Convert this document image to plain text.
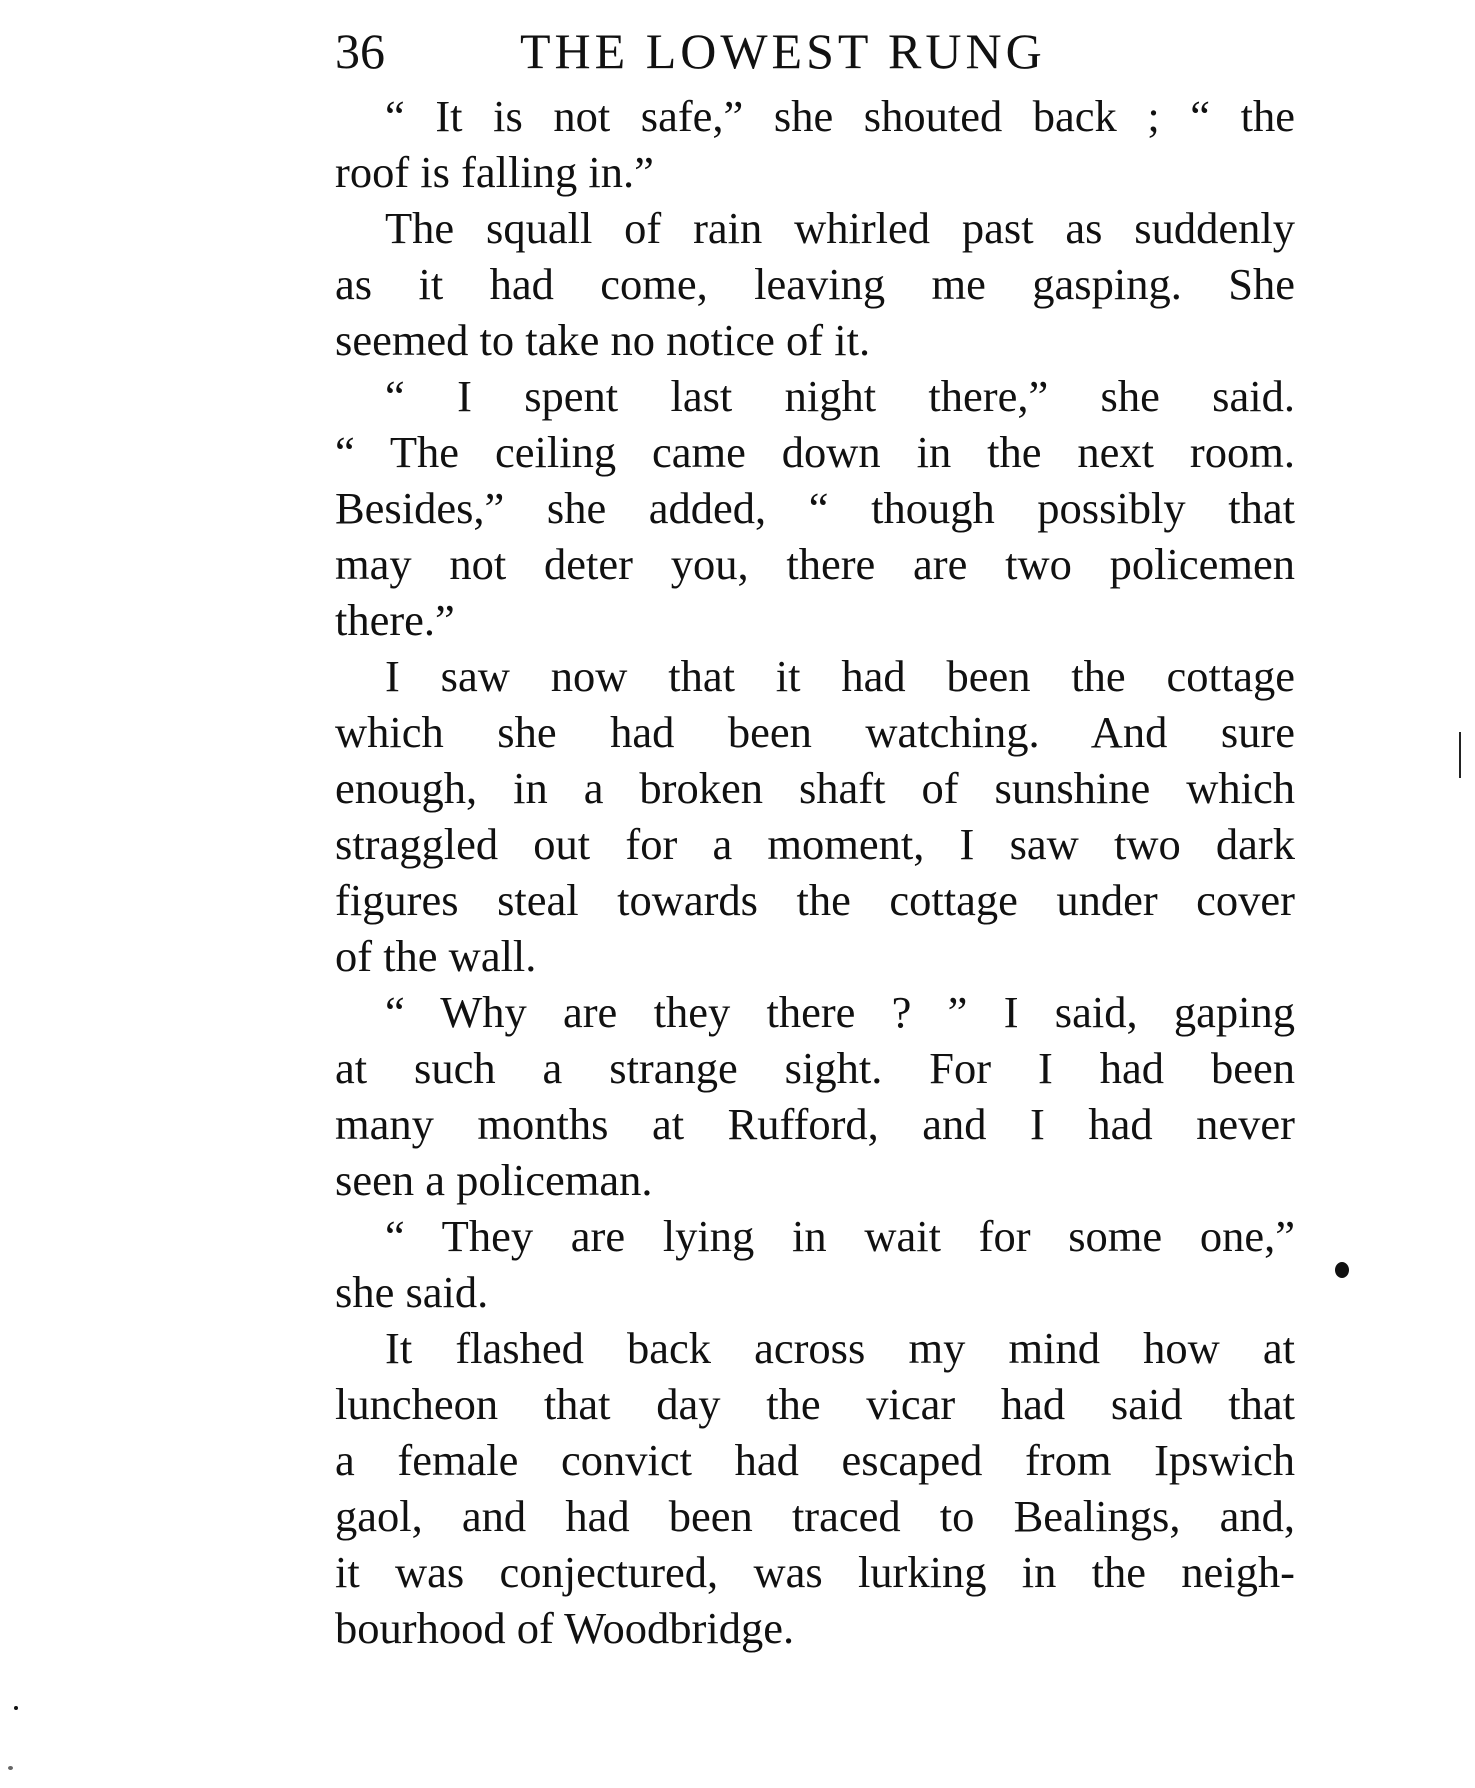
36	THE LOWEST RUNG
“ It is not safe,” she shouted back ; “ the
roof is falling in.”
The squall of rain whirled past as suddenly
as it had come, leaving me gasping. She
seemed to take no notice of it.
“ I spent last night there,” she said.
“ The ceiling came down in the next room.
Besides,” she added, “ though possibly that
may not deter you, there are two policemen
there.”
I saw now that it had been the cottage
which she had been watching. And sure
enough, in a broken shaft of sunshine which
straggled out for a moment, I saw two dark
figures steal towards the cottage under cover
of the wall.
“ Why are they there ? ” I said, gaping
at such a strange sight. For I had been
many months at Rufford, and I had never
seen a policeman.
“ They are lying in wait for some one,”
she said.
It flashed back across my mind how at
luncheon that day the vicar had said that
a female convict had escaped from Ipswich
gaol, and had been traced to Bealings, and,
it was conjectured, was lurking in the neigh-
bourhood of Woodbridge.
